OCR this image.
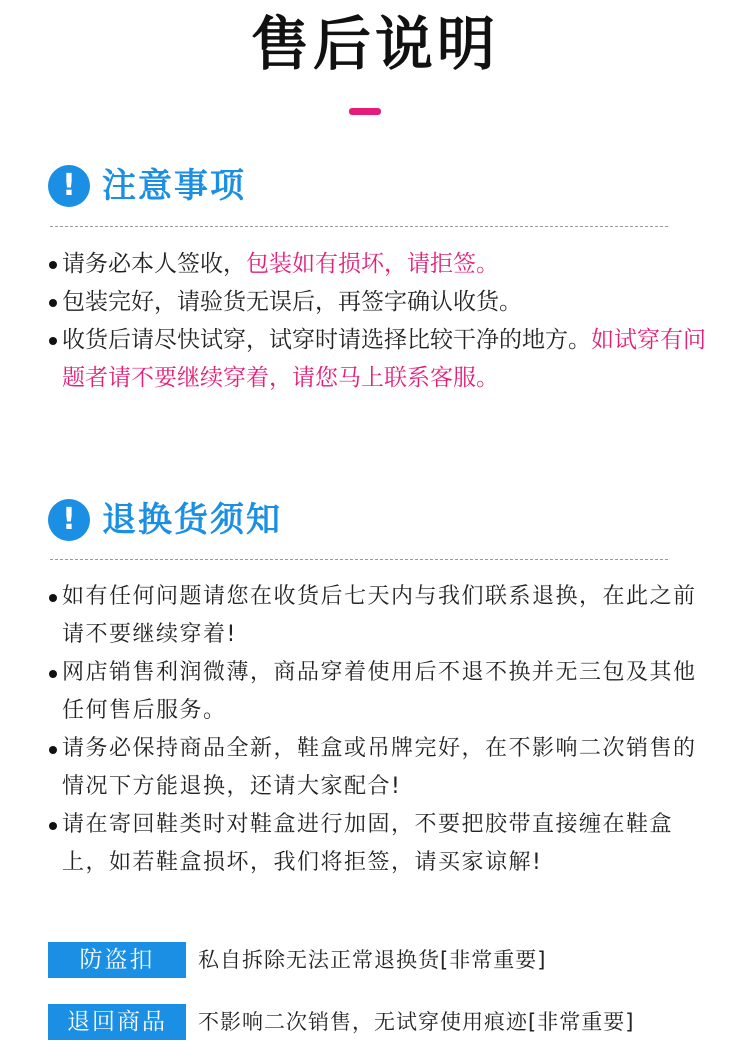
售后说明
! 注意事项
请务必本人签收，包装如有损坏，请拒签。
包装完好，请验货无误后，再签字确认收货。
收货后请尽快试穿，试穿时请选择比较干净的地方。如试穿有问题者请不要继续穿着，请您马上联系客服。
! 退换货须知
如有任何问题请您在收货后七天内与我们联系退换，在此之前请不要继续穿着!
网店销售利润微薄，商品穿着使用后不退不换并无三包及其他任何售后服务。
请务必保持商品全新，鞋盒或吊牌完好，在不影响二次销售的情况下方能退换，还请大家配合!
请在寄回鞋类时对鞋盒进行加固，不要把胶带直接缠在鞋盒上，如若鞋盒损坏，我们将拒签，请买家谅解!
防盗扣	私自拆除无法正常退换货[非常重要]
退回商品	不影响二次销售，无试穿使用痕迹[非常重要]
